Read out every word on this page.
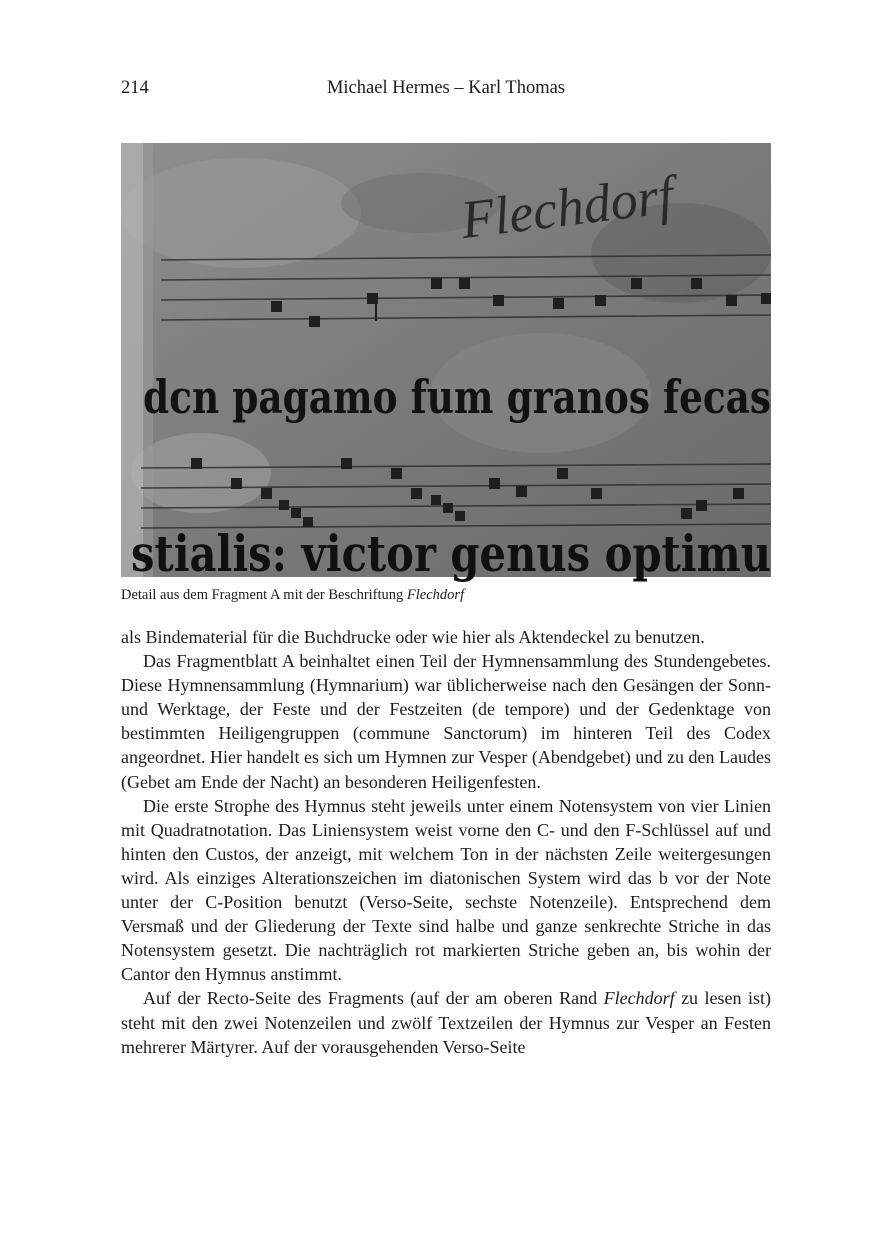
214	Michael Hermes – Karl Thomas
Flechdorf
dcn pagamo fum granos fecas
stialis: victor genus optimu
Detail aus dem Fragment A mit der Beschriftung Flechdorf

als Bindematerial für die Buchdrucke oder wie hier als Aktendeckel zu benutzen.

Das Fragmentblatt A beinhaltet einen Teil der Hymnensammlung des Stundengebetes. Diese Hymnensammlung (Hymnarium) war üblicherweise nach den Gesängen der Sonn- und Werktage, der Feste und der Festzeiten (de tempore) und der Gedenktage von bestimmten Heiligengruppen (commune Sanctorum) im hinteren Teil des Codex angeordnet. Hier handelt es sich um Hymnen zur Vesper (Abendgebet) und zu den Laudes (Gebet am Ende der Nacht) an besonderen Heiligenfesten.

Die erste Strophe des Hymnus steht jeweils unter einem Notensystem von vier Linien mit Quadratnotation. Das Liniensystem weist vorne den C- und den F-Schlüssel auf und hinten den Custos, der anzeigt, mit welchem Ton in der nächsten Zeile weitergesungen wird. Als einziges Alterationszeichen im diatonischen System wird das b vor der Note unter der C-Position benutzt (Verso-Seite, sechste Notenzeile). Entsprechend dem Versmaß und der Gliederung der Texte sind halbe und ganze senkrechte Striche in das Notensystem gesetzt. Die nachträglich rot markierten Striche geben an, bis wohin der Cantor den Hymnus anstimmt.

Auf der Recto-Seite des Fragments (auf der am oberen Rand Flechdorf zu lesen ist) steht mit den zwei Notenzeilen und zwölf Textzeilen der Hymnus zur Vesper an Festen mehrerer Märtyrer. Auf der vorausgehenden Verso-Seite
